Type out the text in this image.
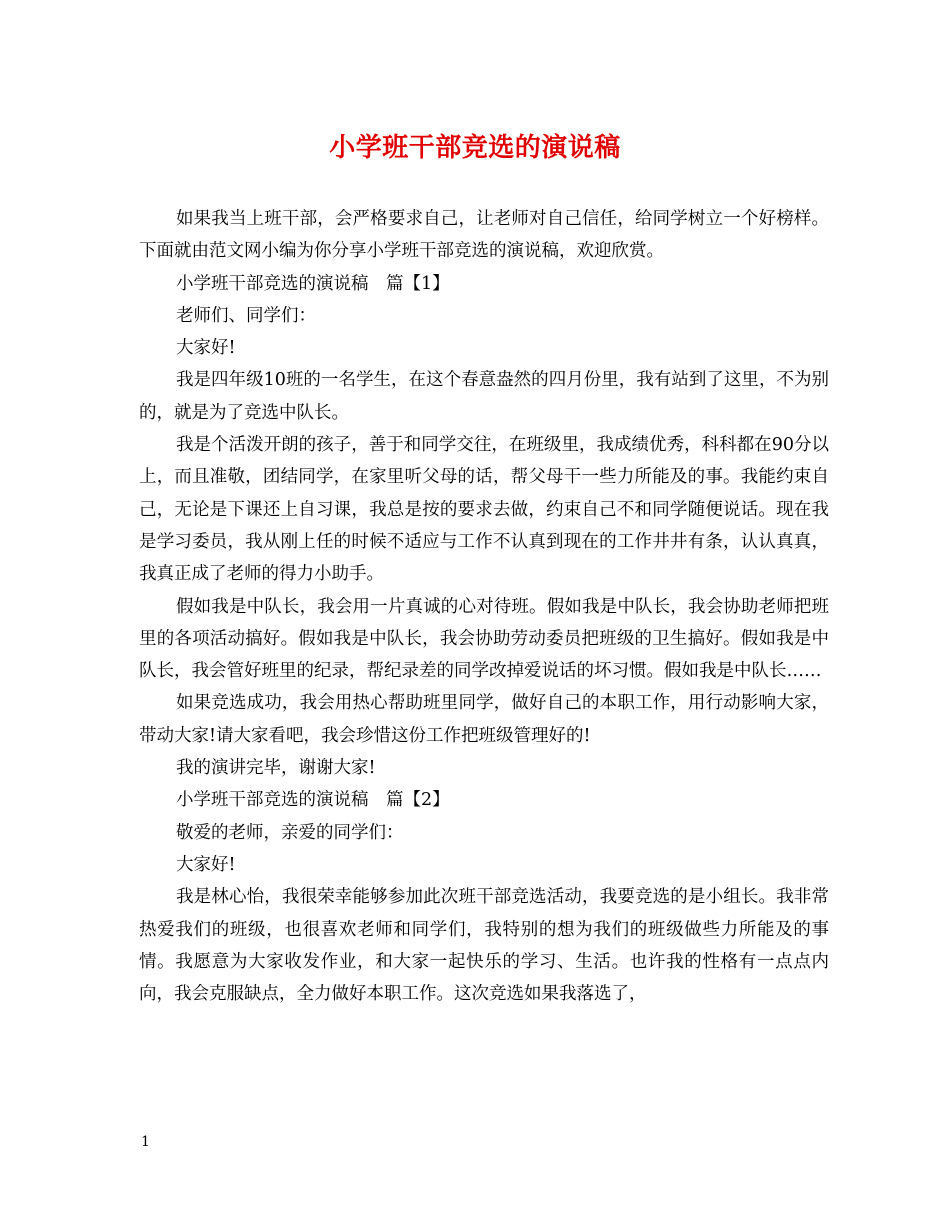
小学班干部竞选的演说稿

如果我当上班干部，会严格要求自己，让老师对自己信任，给同学树立一个好榜样。下面就由范文网小编为你分享小学班干部竞选的演说稿，欢迎欣赏。

小学班干部竞选的演说稿　篇【1】

老师们、同学们：

大家好!

我是四年级10班的一名学生，在这个春意盎然的四月份里，我有站到了这里，不为别的，就是为了竞选中队长。

我是个活泼开朗的孩子，善于和同学交往，在班级里，我成绩优秀，科科都在90分以上，而且准敬，团结同学，在家里听父母的话，帮父母干一些力所能及的事。我能约束自己，无论是下课还上自习课，我总是按的要求去做，约束自己不和同学随便说话。现在我是学习委员，我从刚上任的时候不适应与工作不认真到现在的工作井井有条，认认真真，我真正成了老师的得力小助手。

假如我是中队长，我会用一片真诚的心对待班。假如我是中队长，我会协助老师把班里的各项活动搞好。假如我是中队长，我会协助劳动委员把班级的卫生搞好。假如我是中队长，我会管好班里的纪录，帮纪录差的同学改掉爱说话的坏习惯。假如我是中队长……

如果竞选成功，我会用热心帮助班里同学，做好自己的本职工作，用行动影响大家，带动大家!请大家看吧，我会珍惜这份工作把班级管理好的!

我的演讲完毕，谢谢大家!

小学班干部竞选的演说稿　篇【2】

敬爱的老师，亲爱的同学们：

大家好!

我是林心怡，我很荣幸能够参加此次班干部竞选活动，我要竞选的是小组长。我非常热爱我们的班级，也很喜欢老师和同学们，我特别的想为我们的班级做些力所能及的事情。我愿意为大家收发作业，和大家一起快乐的学习、生活。也许我的性格有一点点内向，我会克服缺点，全力做好本职工作。这次竞选如果我落选了，

1
